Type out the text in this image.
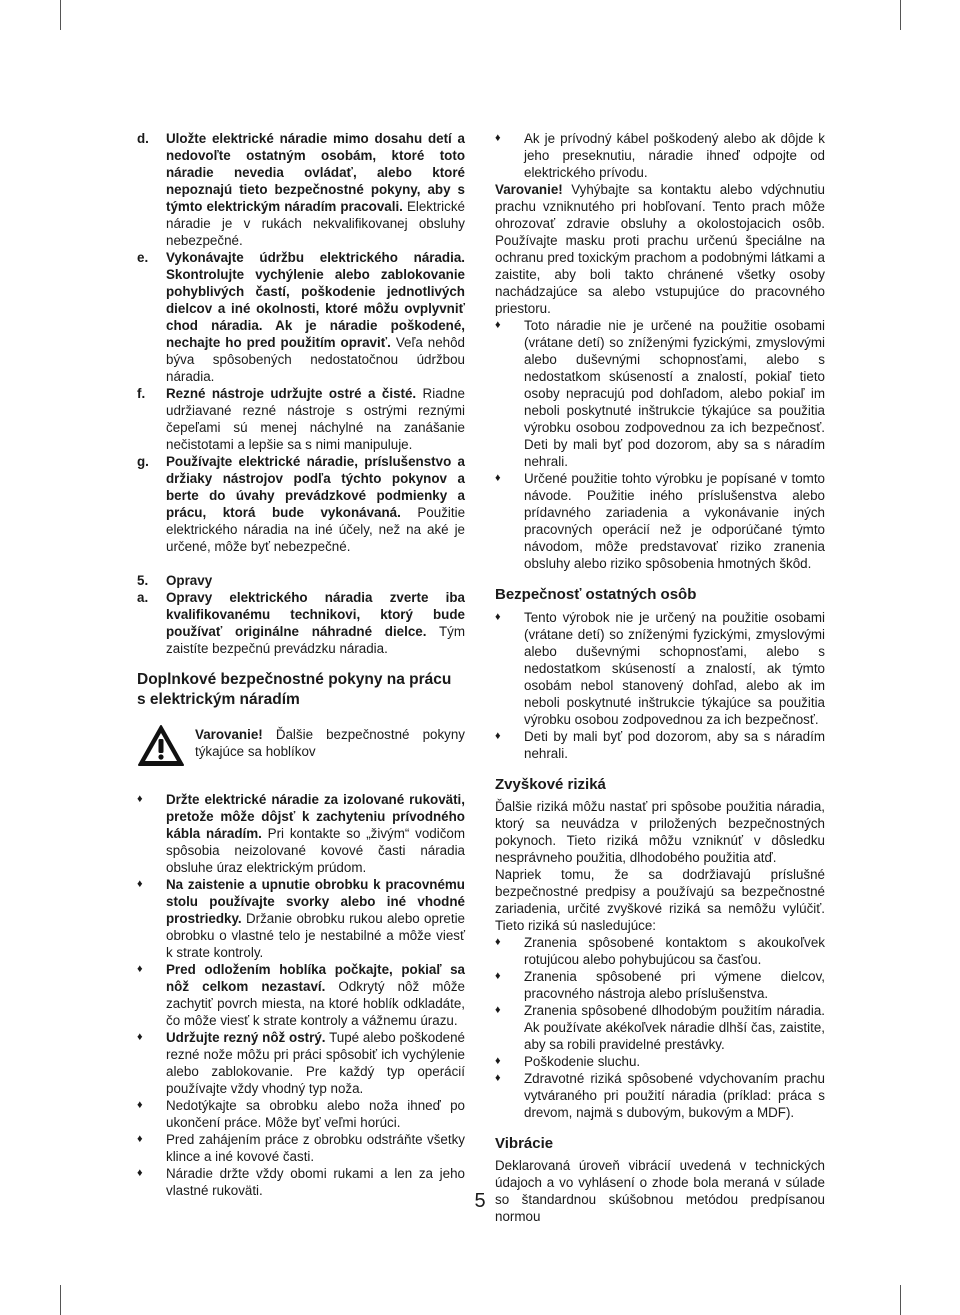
d. Uložte elektrické náradie mimo dosahu detí a nedovoľte ostatným osobám, ktoré toto náradie nevedia ovládať, alebo ktoré nepoznajú tieto bezpečnostné pokyny, aby s týmto elektrickým náradím pracovali. Elektrické náradie je v rukách nekvalifikovanej obsluhy nebezpečné.
e. Vykonávajte údržbu elektrického náradia. Skontrolujte vychýlenie alebo zablokovanie pohyblivých častí, poškodenie jednotlivých dielcov a iné okolnosti, ktoré môžu ovplyvniť chod náradia. Ak je náradie poškodené, nechajte ho pred použitím opraviť. Veľa nehôd býva spôsobených nedostatočnou údržbou náradia.
f. Rezné nástroje udržujte ostré a čisté. Riadne udržiavané rezné nástroje s ostrými reznými čepeľami sú menej náchylné na zanášanie nečistotami a lepšie sa s nimi manipuluje.
g. Používajte elektrické náradie, príslušenstvo a držiaky nástrojov podľa týchto pokynov a berte do úvahy prevádzkové podmienky a prácu, ktorá bude vykonávaná. Použitie elektrického náradia na iné účely, než na aké je určené, môže byť nebezpečné.
5. Opravy
a. Opravy elektrického náradia zverte iba kvalifikovanému technikovi, ktorý bude používať originálne náhradné dielce. Tým zaistíte bezpečnú prevádzku náradia.
Doplnkové bezpečnostné pokyny na prácu s elektrickým náradím

Varovanie! Ďalšie bezpečnostné pokyny týkajúce sa hoblíkov

♦ Držte elektrické náradie za izolované rukoväti, pretože môže dôjsť k zachyteniu prívodného kábla náradím. Pri kontakte so „živým“ vodičom spôsobia neizolované kovové časti náradia obsluhe úraz elektrickým prúdom.
♦ Na zaistenie a upnutie obrobku k pracovnému stolu používajte svorky alebo iné vhodné prostriedky. Držanie obrobku rukou alebo opretie obrobku o vlastné telo je nestabilné a môže viesť k strate kontroly.
♦ Pred odložením hoblíka počkajte, pokiaľ sa nôž celkom nezastaví. Odkrytý nôž môže zachytiť povrch miesta, na ktoré hoblík odkladáte, čo môže viesť k strate kontroly a vážnemu úrazu.
♦ Udržujte rezný nôž ostrý. Tupé alebo poškodené rezné nože môžu pri práci spôsobiť ich vychýlenie alebo zablokovanie. Pre každý typ operácií používajte vždy vhodný typ noža.
♦ Nedotýkajte sa obrobku alebo noža ihneď po ukončení práce. Môže byť veľmi horúci.
♦ Pred zahájením práce z obrobku odstráňte všetky klince a iné kovové časti.
♦ Náradie držte vždy obomi rukami a len za jeho vlastné rukoväti.
♦ Ak je prívodný kábel poškodený alebo ak dôjde k jeho preseknutiu, náradie ihneď odpojte od elektrického prívodu.

Varovanie! Vyhýbajte sa kontaktu alebo vdýchnutiu prachu vzniknutého pri hobľovaní. Tento prach môže ohrozovať zdravie obsluhy a okolostojacich osôb. Používajte masku proti prachu určenú špeciálne na ochranu pred toxickým prachom a podobnými látkami a zaistite, aby boli takto chránené všetky osoby nachádzajúce sa alebo vstupujúce do pracovného priestoru.

♦ Toto náradie nie je určené na použitie osobami (vrátane detí) so zníženými fyzickými, zmyslovými alebo duševnými schopnosťami, alebo s nedostatkom skúseností a znalostí, pokiaľ tieto osoby nepracujú pod dohľadom, alebo pokiaľ im neboli poskytnuté inštrukcie týkajúce sa použitia výrobku osobou zodpovednou za ich bezpečnosť. Deti by mali byť pod dozorom, aby sa s náradím nehrali.
♦ Určené použitie tohto výrobku je popísané v tomto návode. Použitie iného príslušenstva alebo prídavného zariadenia a vykonávanie iných pracovných operácií než je odporúčané týmto návodom, môže predstavovať riziko zranenia obsluhy alebo riziko spôsobenia hmotných škôd.
Bezpečnosť ostatných osôb
♦ Tento výrobok nie je určený na použitie osobami (vrátane detí) so zníženými fyzickými, zmyslovými alebo duševnými schopnosťami, alebo s nedostatkom skúseností a znalostí, ak týmto osobám nebol stanovený dohľad, alebo ak im neboli poskytnuté inštrukcie týkajúce sa použitia výrobku osobou zodpovednou za ich bezpečnosť.
♦ Deti by mali byť pod dozorom, aby sa s náradím nehrali.
Zvyškové riziká

Ďalšie riziká môžu nastať pri spôsobe použitia náradia, ktorý sa neuvádza v priložených bezpečnostných pokynoch. Tieto riziká môžu vzniknúť v dôsledku nesprávneho použitia, dlhodobého použitia atď.

Napriek tomu, že sa dodržiavajú príslušné bezpečnostné predpisy a používajú sa bezpečnostné zariadenia, určité zvyškové riziká sa nemôžu vylúčiť. Tieto riziká sú nasledujúce:

♦ Zranenia spôsobené kontaktom s akoukoľvek rotujúcou alebo pohybujúcou sa časťou.
♦ Zranenia spôsobené pri výmene dielcov, pracovného nástroja alebo príslušenstva.
♦ Zranenia spôsobené dlhodobým použitím náradia. Ak používate akékoľvek náradie dlhší čas, zaistite, aby sa robili pravidelné prestávky.
♦ Poškodenie sluchu.
♦ Zdravotné riziká spôsobené vdychovaním prachu vytváraného pri použití náradia (príklad: práca s drevom, najmä s dubovým, bukovým a MDF).
Vibrácie

Deklarovaná úroveň vibrácií uvedená v technických údajoch a vo vyhlásení o zhode bola meraná v súlade so štandardnou skúšobnou metódou predpísanou normou

5
